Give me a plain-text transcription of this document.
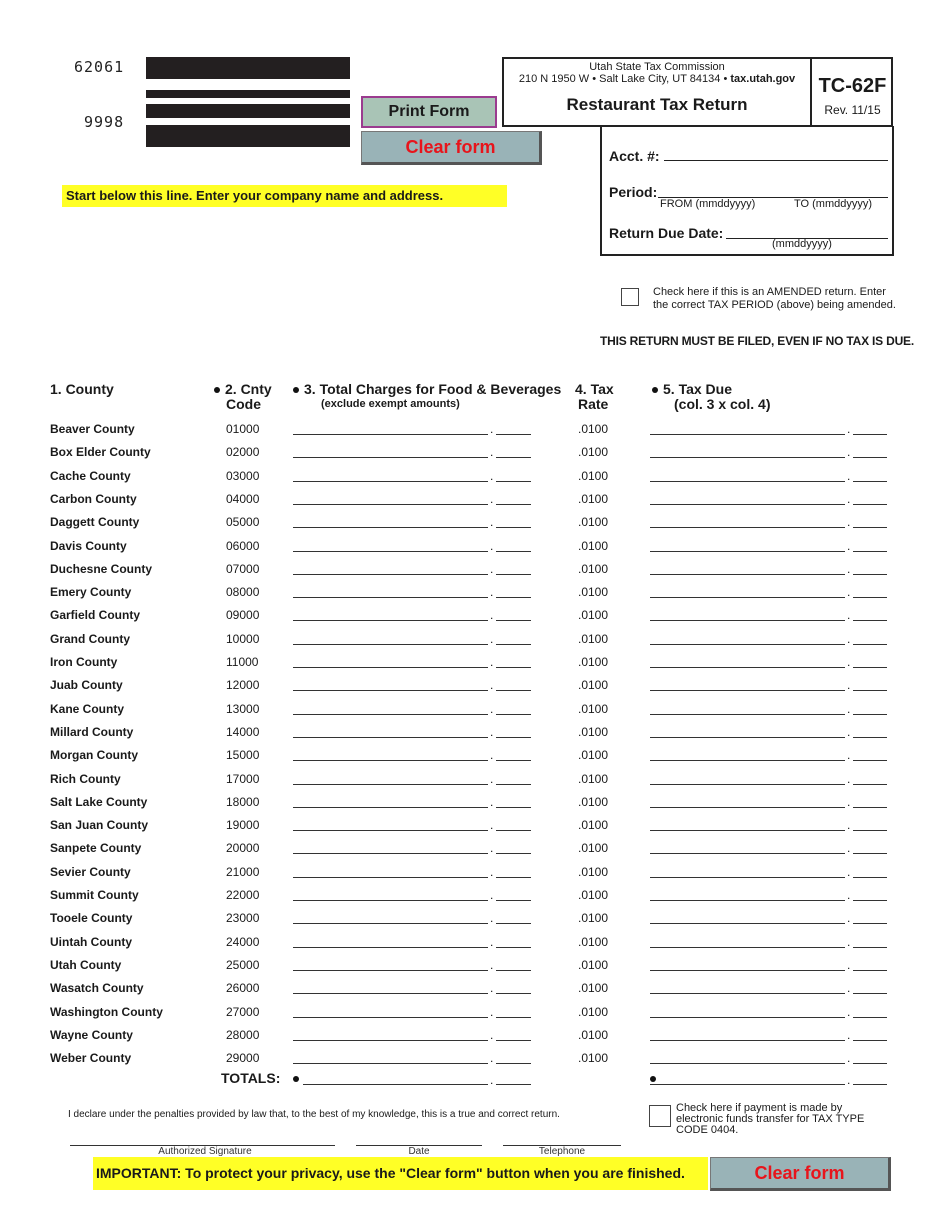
62061
9998
Print Form
Clear form
Start below this line. Enter your company name and address.
Utah State Tax Commission
210 N 1950 W • Salt Lake City, UT 84134 • tax.utah.gov
Restaurant Tax Return
TC-62F
Rev. 11/15
Acct. #:
Period:
FROM (mmddyyyy)	TO (mmddyyyy)
Return Due Date:
(mmddyyyy)
Check here if this is an AMENDED return. Enter the correct TAX PERIOD (above) being amended.
THIS RETURN MUST BE FILED, EVEN IF NO TAX IS DUE.
1. County	2. Cnty
Code
3. Total Charges for Food & Beverages
(exclude exempt amounts)
4. Tax
Rate
5. Tax Due
(col. 3 x col. 4)
Beaver County	01000	.	.0100	.
Box Elder County	02000	.	.0100	.
Cache County	03000	.	.0100	.
Carbon County	04000	.	.0100	.
Daggett County	05000	.	.0100	.
Davis County	06000	.	.0100	.
Duchesne County	07000	.	.0100	.
Emery County	08000	.	.0100	.
Garfield County	09000	.	.0100	.
Grand County	10000	.	.0100	.
Iron County	11000	.	.0100	.
Juab County	12000	.	.0100	.
Kane County	13000	.	.0100	.
Millard County	14000	.	.0100	.
Morgan County	15000	.	.0100	.
Rich County	17000	.	.0100	.
Salt Lake County	18000	.	.0100	.
San Juan County	19000	.	.0100	.
Sanpete County	20000	.	.0100	.
Sevier County	21000	.	.0100	.
Summit County	22000	.	.0100	.
Tooele County	23000	.	.0100	.
Uintah County	24000	.	.0100	.
Utah County	25000	.	.0100	.
Wasatch County	26000	.	.0100	.
Washington County	27000	.	.0100	.
Wayne County	28000	.	.0100	.
Weber County	29000	.	.0100	.
TOTALS:	.	.
I declare under the penalties provided by law that, to the best of my knowledge, this is a true and correct return.
Check here if payment is made by electronic funds transfer for TAX TYPE CODE 0404.
Authorized Signature	Date	Telephone
IMPORTANT: To protect your privacy, use the "Clear form" button when you are finished.	Clear form
